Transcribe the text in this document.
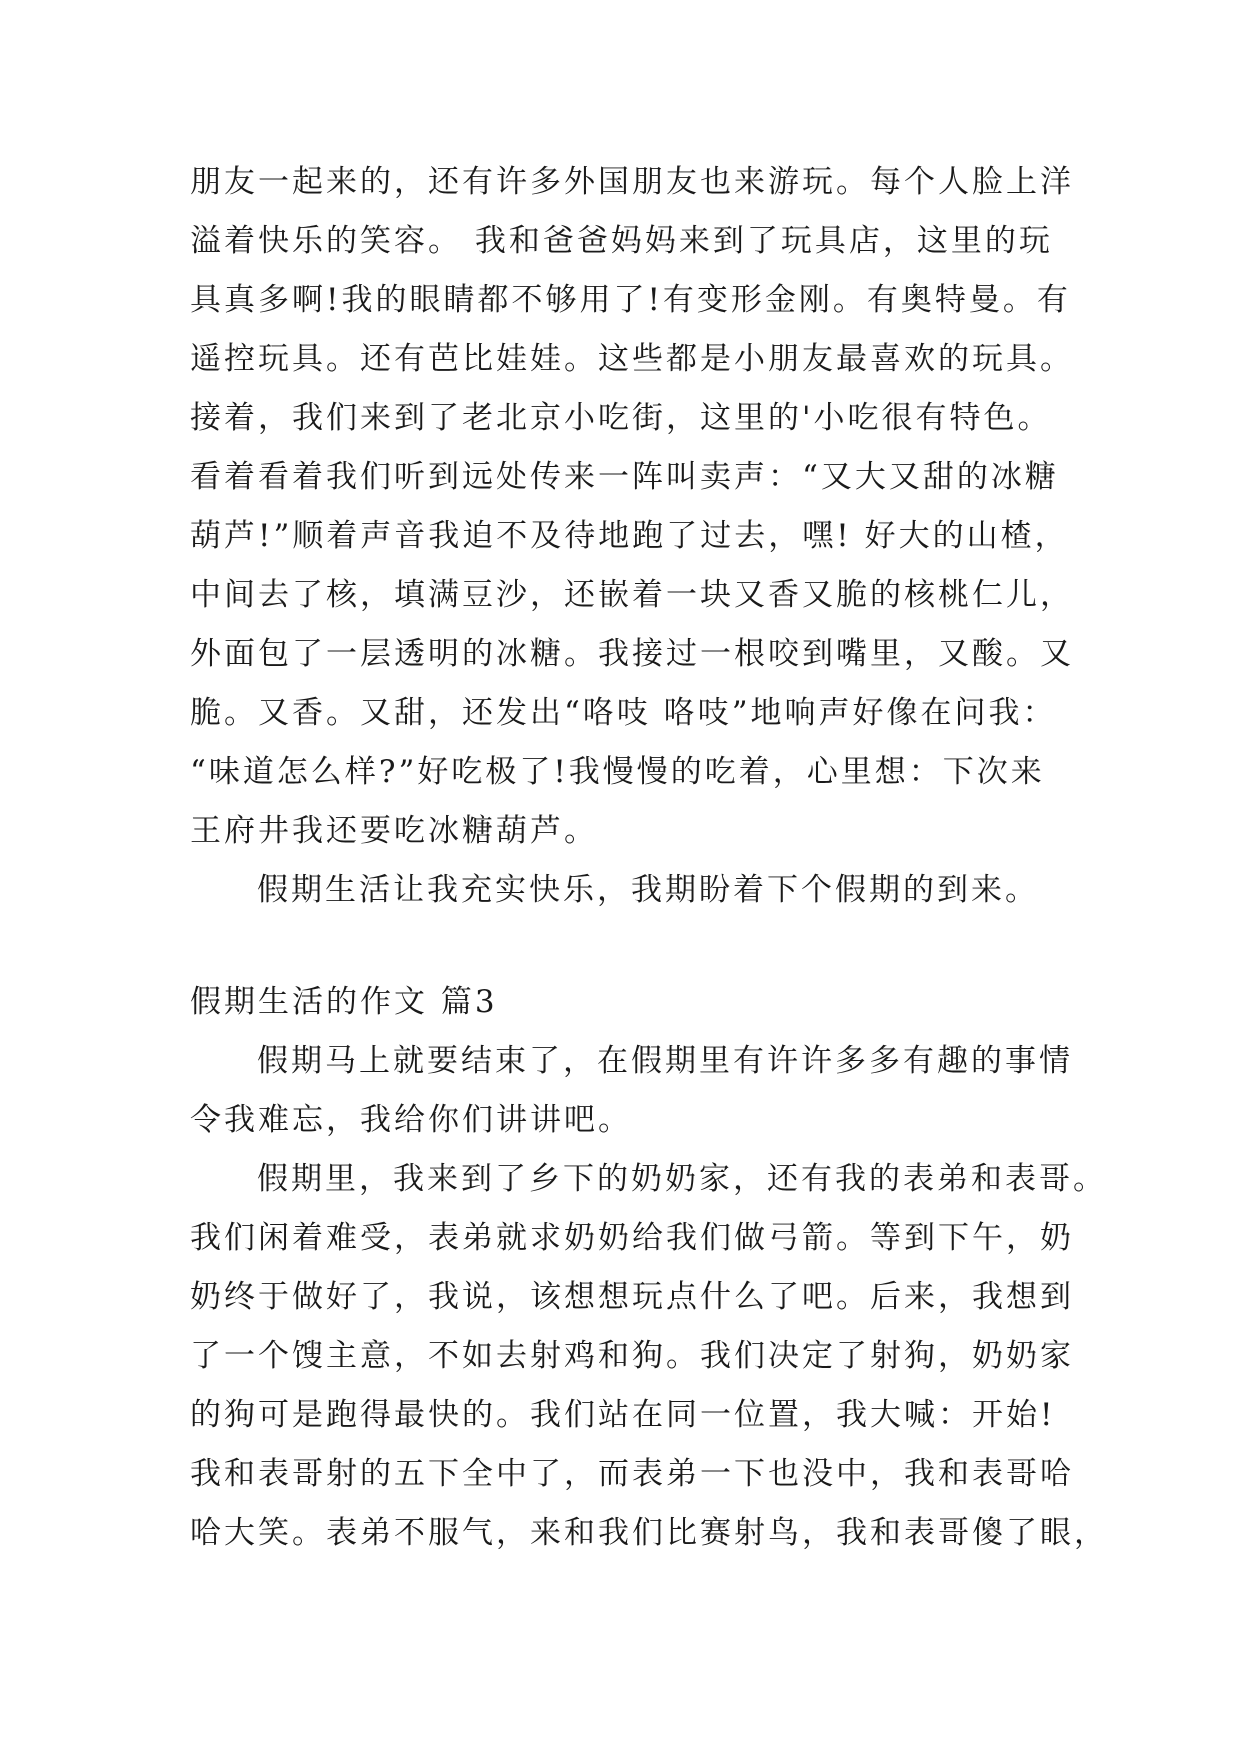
朋友一起来的，还有许多外国朋友也来游玩。每个人脸上洋
溢着快乐的笑容。 我和爸爸妈妈来到了玩具店，这里的玩
具真多啊!我的眼睛都不够用了!有变形金刚。有奥特曼。有
遥控玩具。还有芭比娃娃。这些都是小朋友最喜欢的玩具。
接着，我们来到了老北京小吃街，这里的'小吃很有特色。
看着看着我们听到远处传来一阵叫卖声：“又大又甜的冰糖
葫芦!”顺着声音我迫不及待地跑了过去，嘿! 好大的山楂，
中间去了核，填满豆沙，还嵌着一块又香又脆的核桃仁儿，
外面包了一层透明的冰糖。我接过一根咬到嘴里，又酸。又
脆。又香。又甜，还发出“咯吱 咯吱”地响声好像在问我：
“味道怎么样?”好吃极了!我慢慢的吃着，心里想：下次来
王府井我还要吃冰糖葫芦。
假期生活让我充实快乐，我期盼着下个假期的到来。
假期生活的作文 篇3
假期马上就要结束了，在假期里有许许多多有趣的事情
令我难忘，我给你们讲讲吧。
假期里，我来到了乡下的奶奶家，还有我的表弟和表哥。
我们闲着难受，表弟就求奶奶给我们做弓箭。等到下午，奶
奶终于做好了，我说，该想想玩点什么了吧。后来，我想到
了一个馊主意，不如去射鸡和狗。我们决定了射狗，奶奶家
的狗可是跑得最快的。我们站在同一位置，我大喊：开始!
我和表哥射的五下全中了，而表弟一下也没中，我和表哥哈
哈大笑。表弟不服气，来和我们比赛射鸟，我和表哥傻了眼，
